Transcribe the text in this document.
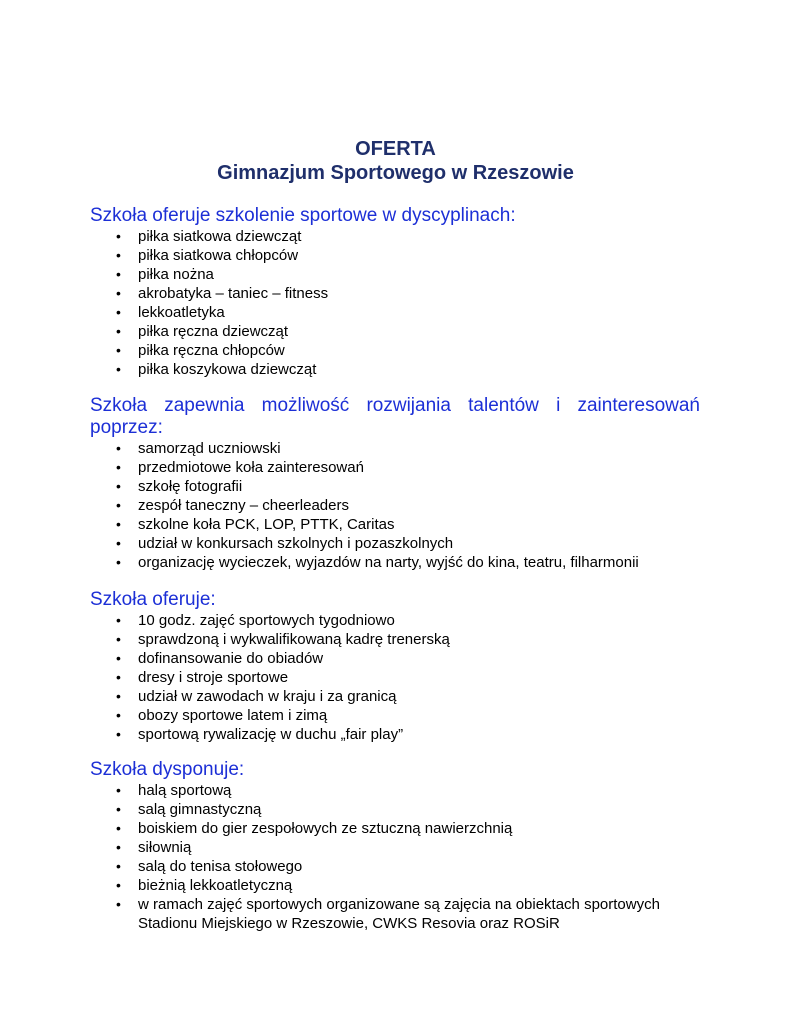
OFERTA
Gimnazjum Sportowego w Rzeszowie

Szkoła oferuje szkolenie sportowe w dyscyplinach:

• piłka siatkowa dziewcząt
• piłka siatkowa chłopców
• piłka nożna
• akrobatyka – taniec – fitness
• lekkoatletyka
• piłka ręczna dziewcząt
• piłka ręczna chłopców
• piłka koszykowa dziewcząt

Szkoła zapewnia możliwość rozwijania talentów i zainteresowań poprzez:

• samorząd uczniowski
• przedmiotowe koła zainteresowań
• szkołę fotografii
• zespół taneczny – cheerleaders
• szkolne koła PCK, LOP, PTTK, Caritas
• udział w konkursach szkolnych i pozaszkolnych
• organizację wycieczek, wyjazdów na narty, wyjść do kina, teatru, filharmonii

Szkoła oferuje:

• 10 godz. zajęć sportowych tygodniowo
• sprawdzoną i wykwalifikowaną kadrę trenerską
• dofinansowanie do obiadów
• dresy i stroje sportowe
• udział w zawodach w kraju i za granicą
• obozy sportowe latem i zimą
• sportową rywalizację w duchu „fair play”

Szkoła dysponuje:

• halą sportową
• salą gimnastyczną
• boiskiem do gier zespołowych ze sztuczną nawierzchnią
• siłownią
• salą do tenisa stołowego
• bieżnią lekkoatletyczną
• w ramach zajęć sportowych organizowane są zajęcia na obiektach sportowych Stadionu Miejskiego w Rzeszowie, CWKS Resovia oraz ROSiR
